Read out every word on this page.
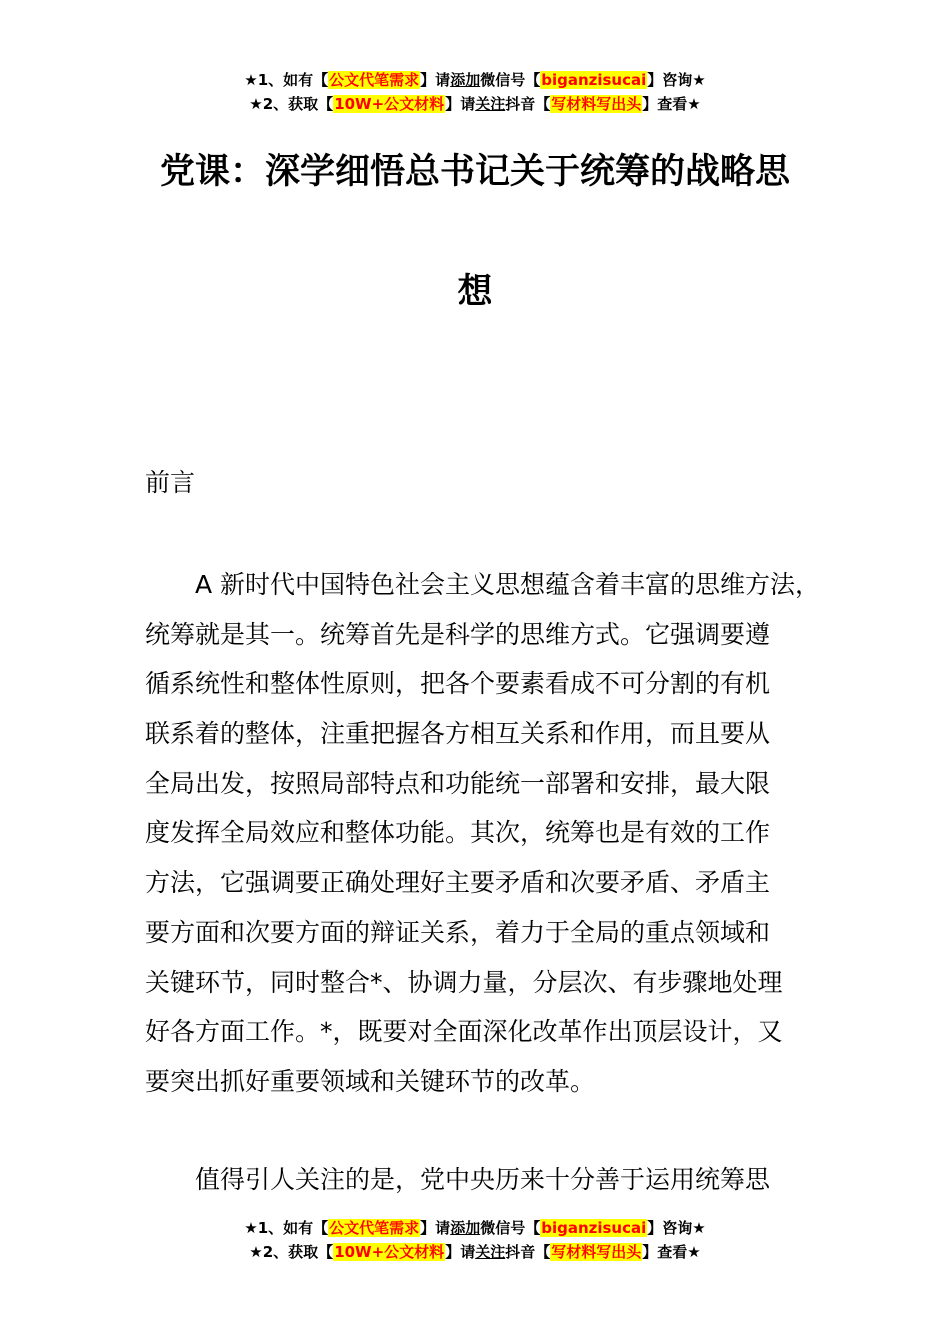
★1、如有【公文代笔需求】请添加微信号【biganzisucai】咨询★
★2、获取【10W+公文材料】请关注抖音【写材料写出头】查看★
党课：深学细悟总书记关于统筹的战略思
想
前言
A 新时代中国特色社会主义思想蕴含着丰富的思维方法，
统筹就是其一。统筹首先是科学的思维方式。它强调要遵
循系统性和整体性原则，把各个要素看成不可分割的有机
联系着的整体，注重把握各方相互关系和作用，而且要从
全局出发，按照局部特点和功能统一部署和安排，最大限
度发挥全局效应和整体功能。其次，统筹也是有效的工作
方法，它强调要正确处理好主要矛盾和次要矛盾、矛盾主
要方面和次要方面的辩证关系，着力于全局的重点领域和
关键环节，同时整合*、协调力量，分层次、有步骤地处理
好各方面工作。*，既要对全面深化改革作出顶层设计，又
要突出抓好重要领域和关键环节的改革。
值得引人关注的是，党中央历来十分善于运用统筹思
★1、如有【公文代笔需求】请添加微信号【biganzisucai】咨询★
★2、获取【10W+公文材料】请关注抖音【写材料写出头】查看★
